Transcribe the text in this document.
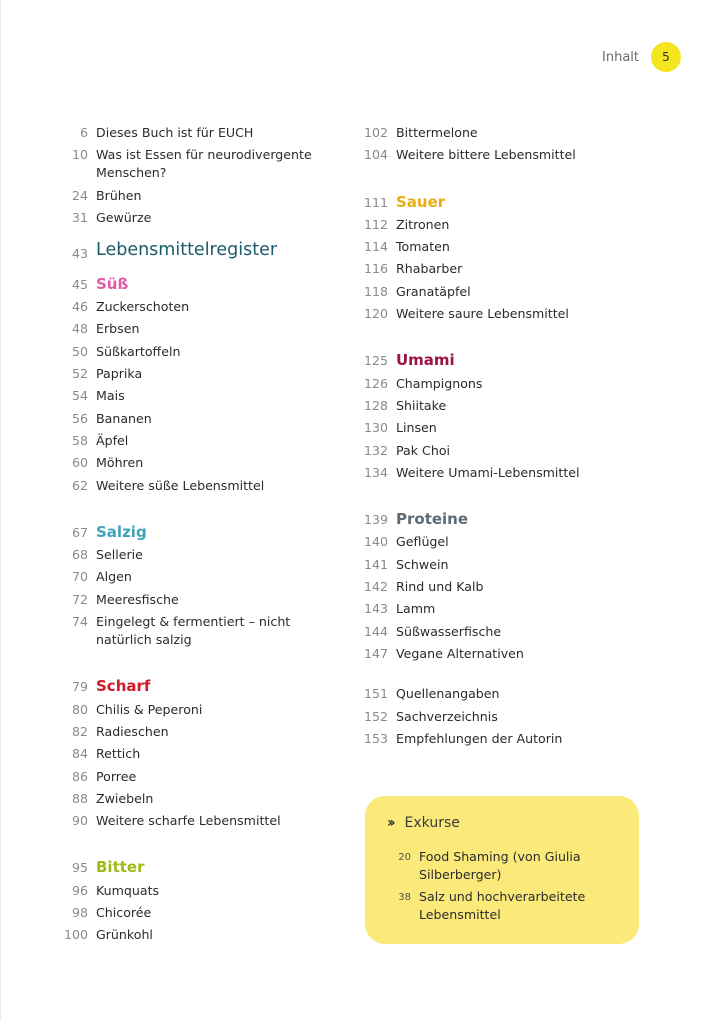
Inhalt	5
6 Dieses Buch ist für EUCH
10 Was ist Essen für neurodivergente Menschen?
24 Brühen
31 Gewürze
43 Lebensmittelregister
45 Süß
46 Zuckerschoten
48 Erbsen
50 Süßkartoffeln
52 Paprika
54 Mais
56 Bananen
58 Äpfel
60 Möhren
62 Weitere süße Lebensmittel
67 Salzig
68 Sellerie
70 Algen
72 Meeresfische
74 Eingelegt & fermentiert – nicht natürlich salzig
79 Scharf
80 Chilis & Peperoni
82 Radieschen
84 Rettich
86 Porree
88 Zwiebeln
90 Weitere scharfe Lebensmittel
95 Bitter
96 Kumquats
98 Chicorée
100 Grünkohl
102 Bittermelone
104 Weitere bittere Lebensmittel
111 Sauer
112 Zitronen
114 Tomaten
116 Rhabarber
118 Granatäpfel
120 Weitere saure Lebensmittel
125 Umami
126 Champignons
128 Shiitake
130 Linsen
132 Pak Choi
134 Weitere Umami-Lebensmittel
139 Proteine
140 Geflügel
141 Schwein
142 Rind und Kalb
143 Lamm
144 Süßwasserfische
147 Vegane Alternativen
151 Quellenangaben
152 Sachverzeichnis
153 Empfehlungen der Autorin
›› Exkurse
20 Food Shaming (von Giulia Silberberger)
38 Salz und hochverarbeitete Lebensmittel
